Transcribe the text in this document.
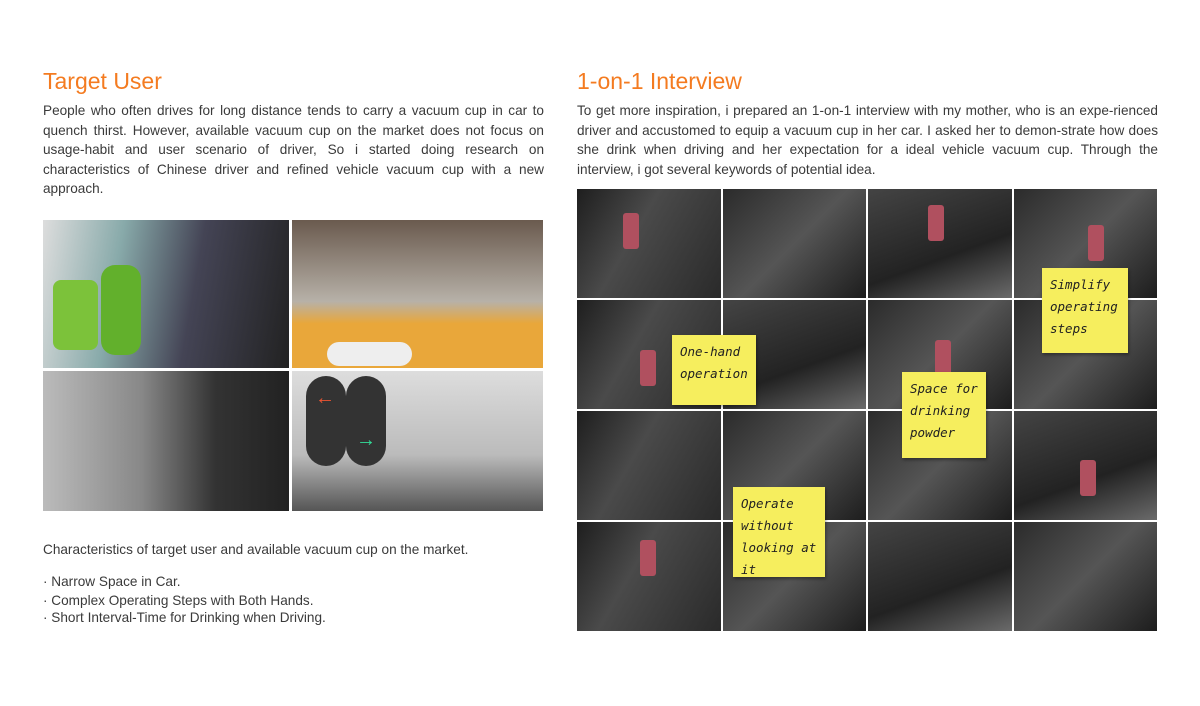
Target User

People who often drives for long distance tends to carry a vacuum cup in car to quench thirst. However, available vacuum cup on the market does not focus on usage-habit and user scenario of driver, So i started doing research on characteristics of Chinese driver and refined vehicle vacuum cup with a new approach.

←
→

Characteristics of target user and available vacuum cup on the market.

· Narrow Space in Car.
· Complex Operating Steps with Both Hands.
· Short Interval-Time for Drinking when Driving.
1-on-1 Interview

To get more inspiration, i prepared an 1-on-1 interview with my mother, who is an expe-rienced driver and accustomed to equip a vacuum cup in her car. I asked her to demon-strate how does she drink when driving and her expectation for a ideal vehicle vacuum cup. Through the interview, i got several keywords of potential idea.

One-hand operation
Simplify operating steps
Space for drinking powder
Operate without looking at it
